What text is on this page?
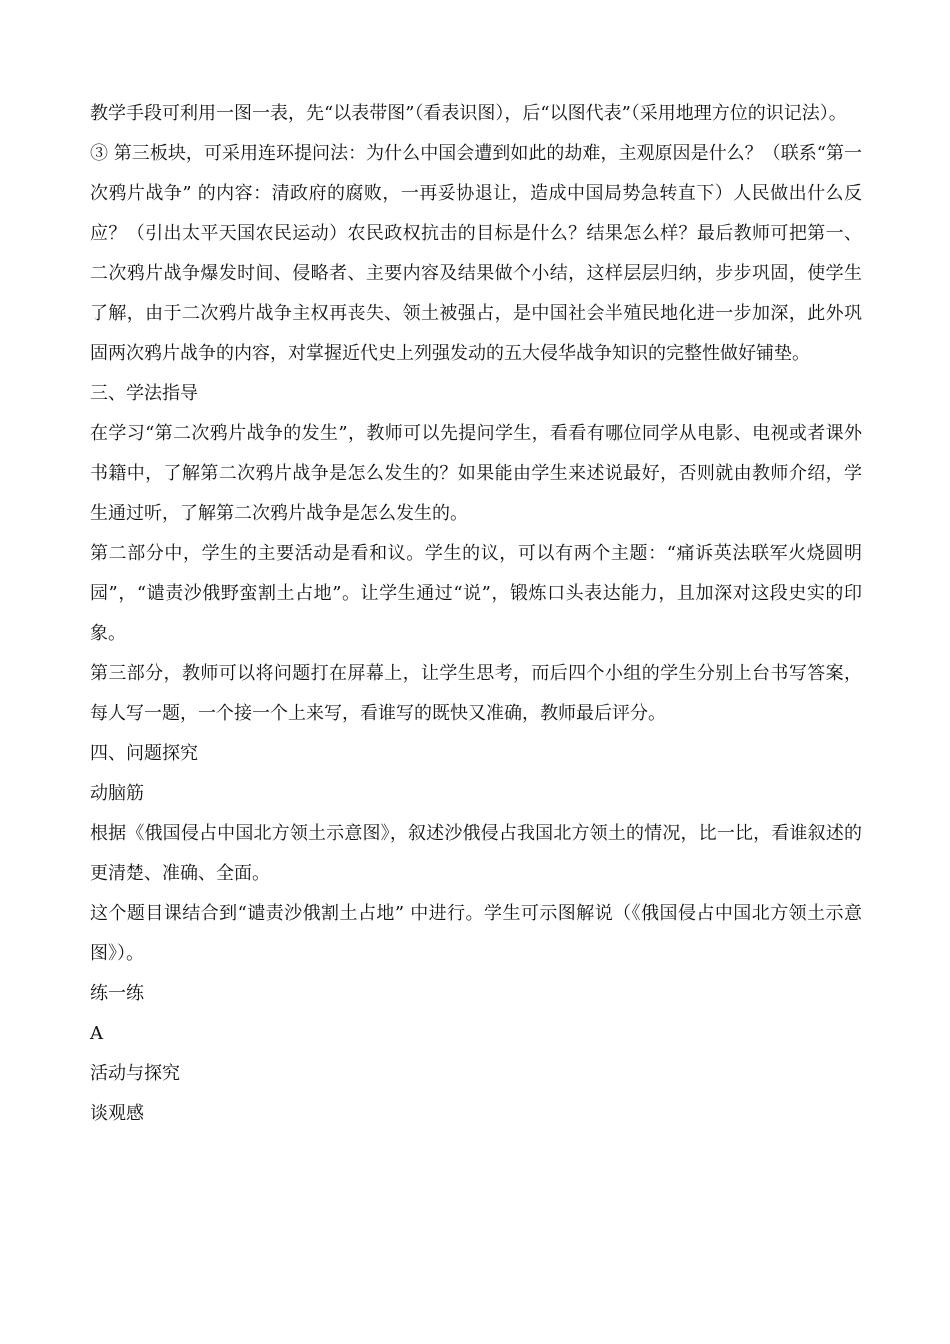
教学手段可利用一图一表，先“以表带图”（看表识图），后“以图代表”（采用地理方位的识记法）。

③ 第三板块，可采用连环提问法：为什么中国会遭到如此的劫难，主观原因是什么？（联系“第一次鸦片战争” 的内容：清政府的腐败，一再妥协退让，造成中国局势急转直下）人民做出什么反应？（引出太平天国农民运动）农民政权抗击的目标是什么？结果怎么样？最后教师可把第一、二次鸦片战争爆发时间、侵略者、主要内容及结果做个小结，这样层层归纳，步步巩固，使学生了解，由于二次鸦片战争主权再丧失、领土被强占，是中国社会半殖民地化进一步加深，此外巩固两次鸦片战争的内容，对掌握近代史上列强发动的五大侵华战争知识的完整性做好铺垫。

三、学法指导

在学习“第二次鸦片战争的发生”，教师可以先提问学生，看看有哪位同学从电影、电视或者课外书籍中，了解第二次鸦片战争是怎么发生的？如果能由学生来述说最好，否则就由教师介绍，学生通过听，了解第二次鸦片战争是怎么发生的。

第二部分中，学生的主要活动是看和议。学生的议，可以有两个主题：“痛诉英法联军火烧圆明园”，“谴责沙俄野蛮割土占地”。让学生通过“说”，锻炼口头表达能力，且加深对这段史实的印象。

第三部分，教师可以将问题打在屏幕上，让学生思考，而后四个小组的学生分别上台书写答案，每人写一题，一个接一个上来写，看谁写的既快又准确，教师最后评分。

四、问题探究

动脑筋

根据《俄国侵占中国北方领土示意图》，叙述沙俄侵占我国北方领土的情况，比一比，看谁叙述的更清楚、准确、全面。

这个题目课结合到“谴责沙俄割土占地” 中进行。学生可示图解说（《俄国侵占中国北方领土示意图》）。

练一练

A

活动与探究

谈观感
